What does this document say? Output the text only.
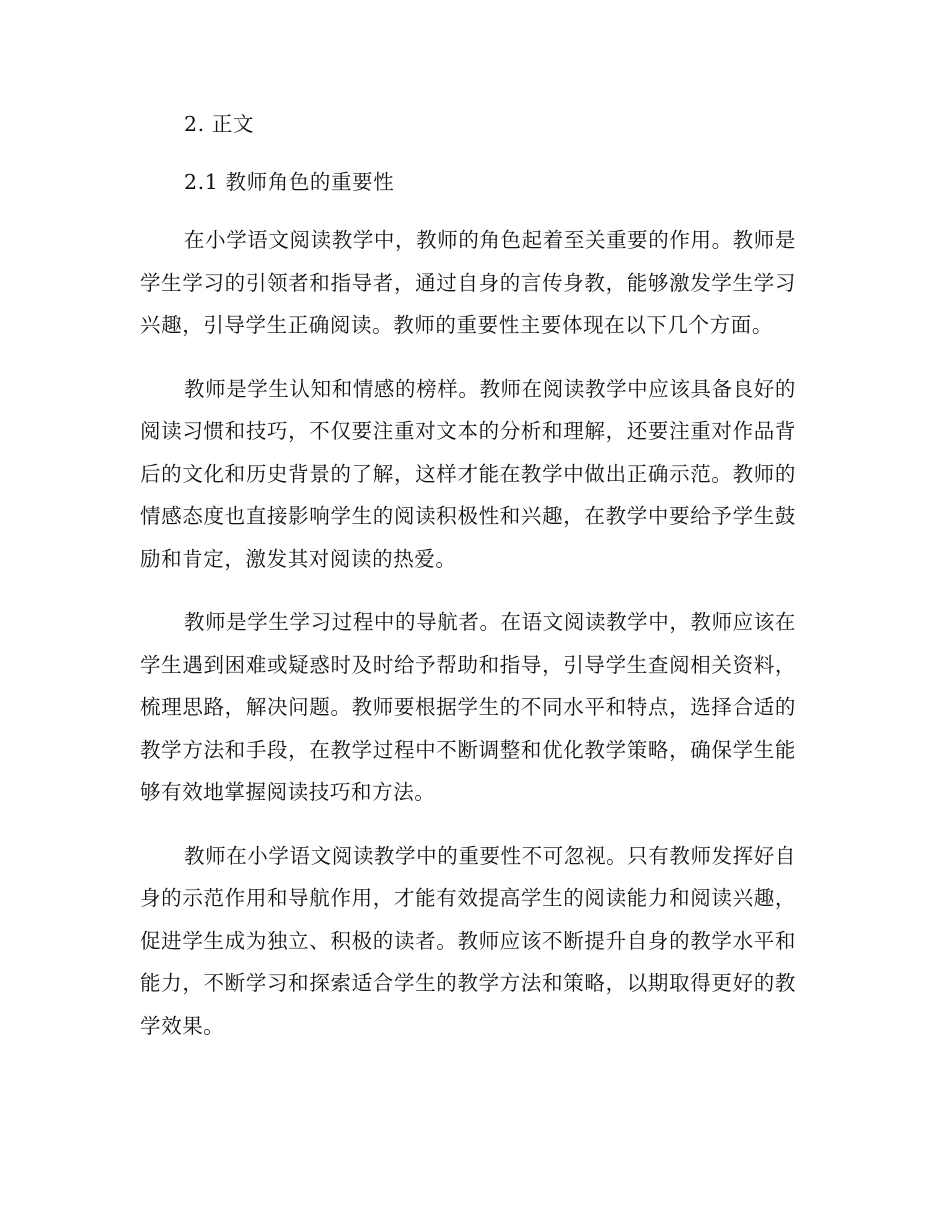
2. 正文
2.1 教师角色的重要性

在小学语文阅读教学中，教师的角色起着至关重要的作用。教师是学生学习的引领者和指导者，通过自身的言传身教，能够激发学生学习兴趣，引导学生正确阅读。教师的重要性主要体现在以下几个方面。

教师是学生认知和情感的榜样。教师在阅读教学中应该具备良好的阅读习惯和技巧，不仅要注重对文本的分析和理解，还要注重对作品背后的文化和历史背景的了解，这样才能在教学中做出正确示范。教师的情感态度也直接影响学生的阅读积极性和兴趣，在教学中要给予学生鼓励和肯定，激发其对阅读的热爱。

教师是学生学习过程中的导航者。在语文阅读教学中，教师应该在学生遇到困难或疑惑时及时给予帮助和指导，引导学生查阅相关资料，梳理思路，解决问题。教师要根据学生的不同水平和特点，选择合适的教学方法和手段，在教学过程中不断调整和优化教学策略，确保学生能够有效地掌握阅读技巧和方法。

教师在小学语文阅读教学中的重要性不可忽视。只有教师发挥好自身的示范作用和导航作用，才能有效提高学生的阅读能力和阅读兴趣，促进学生成为独立、积极的读者。教师应该不断提升自身的教学水平和能力，不断学习和探索适合学生的教学方法和策略，以期取得更好的教学效果。
